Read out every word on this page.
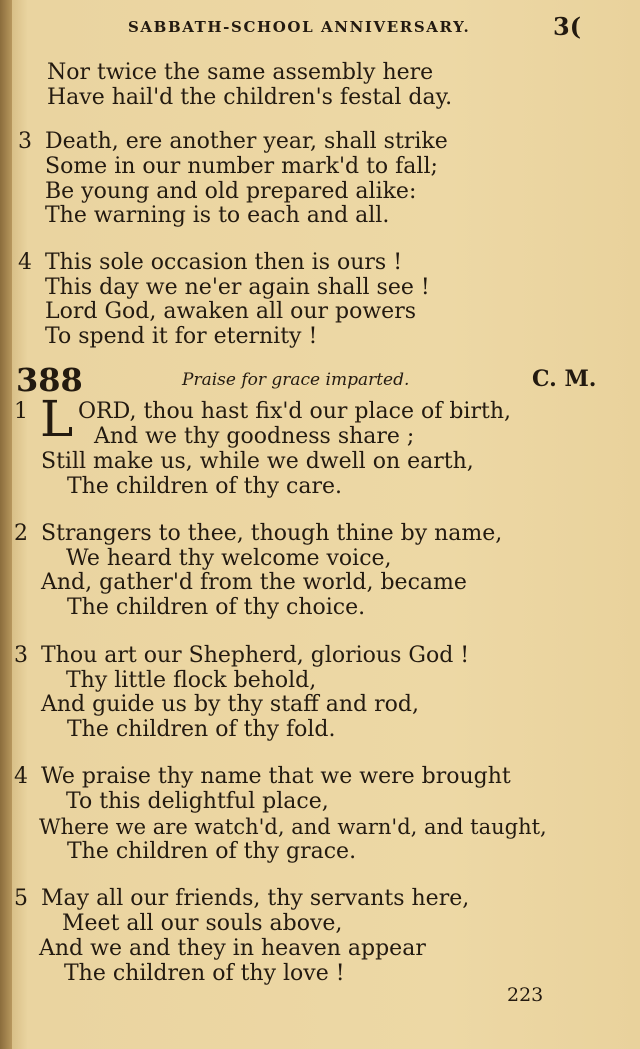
SABBATH-SCHOOL ANNIVERSARY.	3(
Nor twice the same assembly here
Have hail'd the children's festal day.
3 Death, ere another year, shall strike
Some in our number mark'd to fall;
Be young and old prepared alike:
The warning is to each and all.
4 This sole occasion then is ours !
This day we ne'er again shall see !
Lord God, awaken all our powers
To spend it for eternity !
388	Praise for grace imparted.	C. M.
1 L ORD, thou hast fix'd our place of birth,
And we thy goodness share ;
Still make us, while we dwell on earth,
The children of thy care.
2 Strangers to thee, though thine by name,
We heard thy welcome voice,
And, gather'd from the world, became
The children of thy choice.
3 Thou art our Shepherd, glorious God !
Thy little flock behold,
And guide us by thy staff and rod,
The children of thy fold.
4 We praise thy name that we were brought
To this delightful place,
Where we are watch'd, and warn'd, and taught,
The children of thy grace.
5 May all our friends, thy servants here,
Meet all our souls above,
And we and they in heaven appear
The children of thy love !
223
